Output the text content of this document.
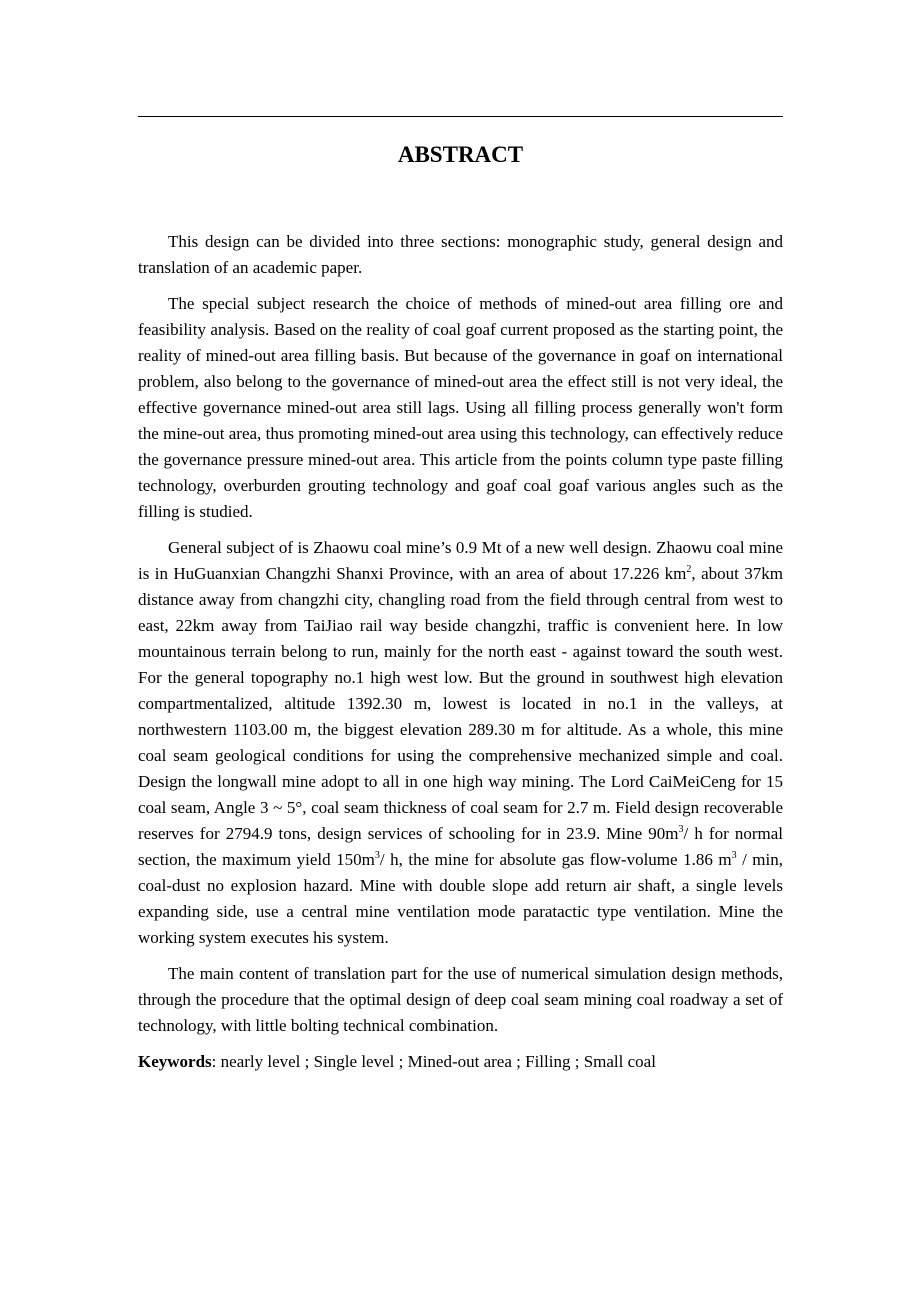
ABSTRACT

This design can be divided into three sections: monographic study, general design and translation of an academic paper.

The special subject research the choice of methods of mined-out area filling ore and feasibility analysis. Based on the reality of coal goaf current proposed as the starting point, the reality of mined-out area filling basis. But because of the governance in goaf on international problem, also belong to the governance of mined-out area the effect still is not very ideal, the effective governance mined-out area still lags. Using all filling process generally won't form the mine-out area, thus promoting mined-out area using this technology, can effectively reduce the governance pressure mined-out area. This article from the points column type paste filling technology, overburden grouting technology and goaf coal goaf various angles such as the filling is studied.

General subject of is Zhaowu coal mine’s 0.9 Mt of a new well design. Zhaowu coal mine is in HuGuanxian Changzhi Shanxi Province, with an area of about 17.226 $km^2$, about 37km distance away from changzhi city, changling road from the field through central from west to east, 22km away from TaiJiao rail way beside changzhi, traffic is convenient here. In low mountainous terrain belong to run, mainly for the north east - against toward the south west. For the general topography no.1 high west low. But the ground in southwest high elevation compartmentalized, altitude 1392.30 m, lowest is located in no.1 in the valleys, at northwestern 1103.00 m, the biggest elevation 289.30 m for altitude. As a whole, this mine coal seam geological conditions for using the comprehensive mechanized simple and coal. Design the longwall mine adopt to all in one high way mining. The Lord CaiMeiCeng for 15 coal seam, Angle 3 ~ 5°, coal seam thickness of coal seam for 2.7 m. Field design recoverable reserves for 2794.9 tons, design services of schooling for in 23.9. Mine $90m^3/$ h for normal section, the maximum yield $150m^3/$ h, the mine for absolute gas flow-volume 1.86 $m^3$ / min, coal-dust no explosion hazard. Mine with double slope add return air shaft, a single levels expanding side, use a central mine ventilation mode paratactic type ventilation. Mine the working system executes his system.

The main content of translation part for the use of numerical simulation design methods, through the procedure that the optimal design of deep coal seam mining coal roadway a set of technology, with little bolting technical combination.

Keywords: nearly level ; Single level ; Mined-out area ; Filling ; Small coal
